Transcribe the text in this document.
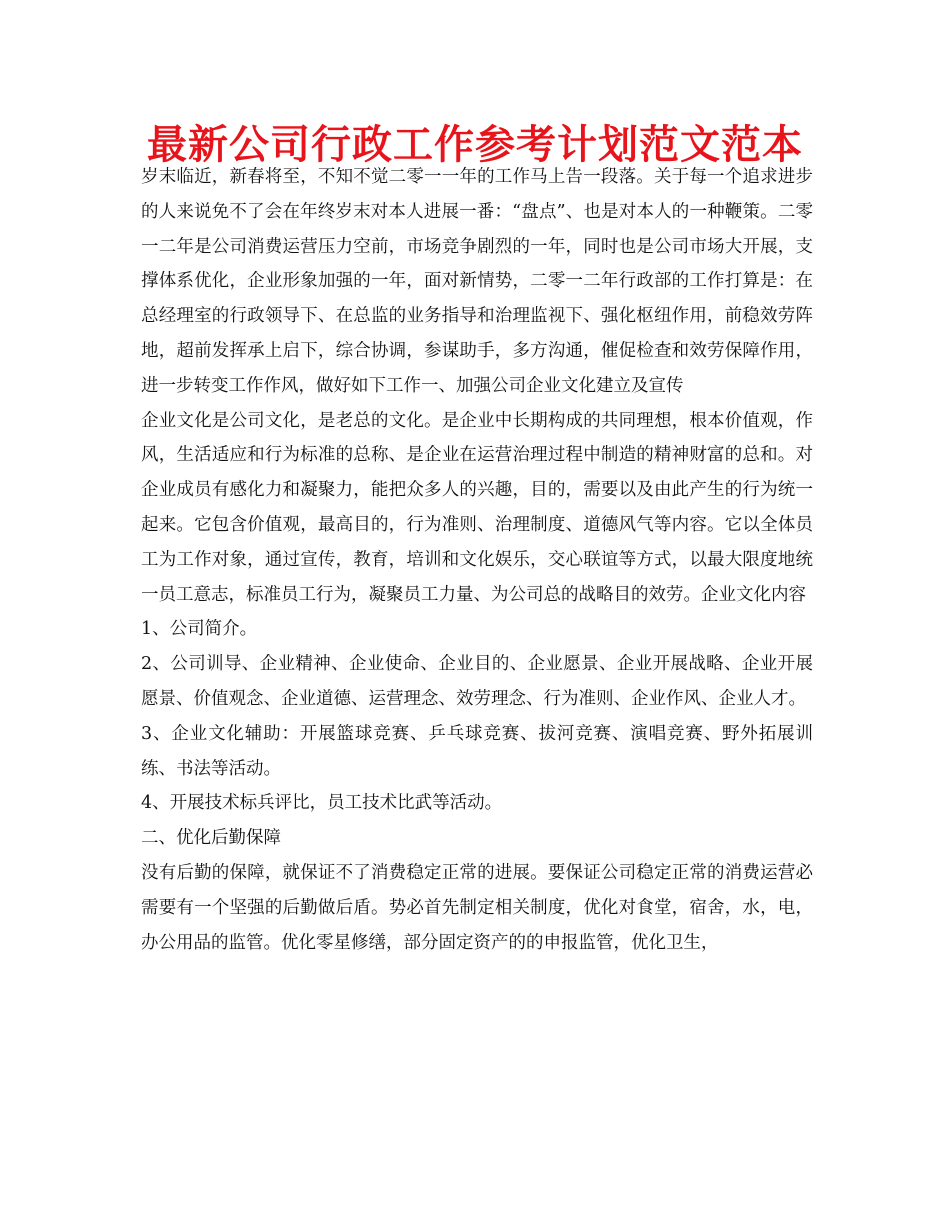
最新公司行政工作参考计划范文范本

岁末临近，新春将至，不知不觉二零一一年的工作马上告一段落。关于每一个追求进步的人来说免不了会在年终岁末对本人进展一番：“盘点”、也是对本人的一种鞭策。二零一二年是公司消费运营压力空前，市场竞争剧烈的一年，同时也是公司市场大开展，支撑体系优化，企业形象加强的一年，面对新情势，二零一二年行政部的工作打算是：在总经理室的行政领导下、在总监的业务指导和治理监视下、强化枢纽作用，前稳效劳阵地，超前发挥承上启下，综合协调，参谋助手，多方沟通，催促检查和效劳保障作用，进一步转变工作作风，做好如下工作一、加强公司企业文化建立及宣传

企业文化是公司文化，是老总的文化。是企业中长期构成的共同理想，根本价值观，作风，生活适应和行为标准的总称、是企业在运营治理过程中制造的精神财富的总和。对企业成员有感化力和凝聚力，能把众多人的兴趣，目的，需要以及由此产生的行为统一起来。它包含价值观，最高目的，行为准则、治理制度、道德风气等内容。它以全体员工为工作对象，通过宣传，教育，培训和文化娱乐，交心联谊等方式，以最大限度地统一员工意志，标准员工行为，凝聚员工力量、为公司总的战略目的效劳。企业文化内容

1、公司简介。

2、公司训导、企业精神、企业使命、企业目的、企业愿景、企业开展战略、企业开展愿景、价值观念、企业道德、运营理念、效劳理念、行为准则、企业作风、企业人才。

3、企业文化辅助：开展篮球竞赛、乒乓球竞赛、拔河竞赛、演唱竞赛、野外拓展训练、书法等活动。

4、开展技术标兵评比，员工技术比武等活动。

二、优化后勤保障

没有后勤的保障，就保证不了消费稳定正常的进展。要保证公司稳定正常的消费运营必需要有一个坚强的后勤做后盾。势必首先制定相关制度，优化对食堂，宿舍，水，电，办公用品的监管。优化零星修缮，部分固定资产的的申报监管，优化卫生，
